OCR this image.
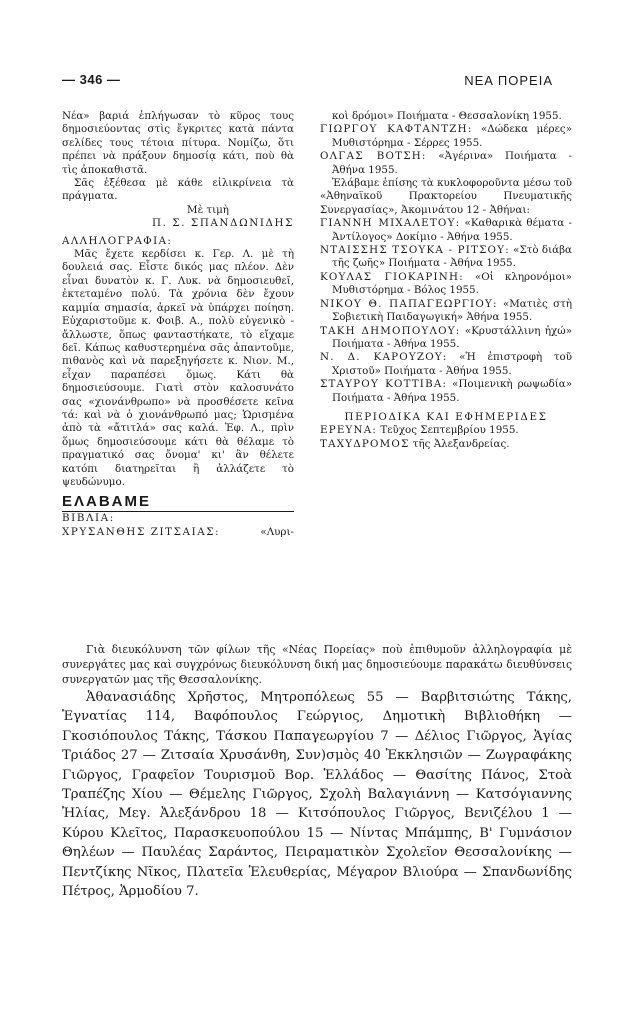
— 346 —	ΝΕΑ ΠΟΡΕΙΑ

Νέα» βαριά ἐπλήγωσαν τὸ κῦρος τους δημοσιεύοντας στὶς ἔγκριτες κατὰ πάντα σελίδες τους τέτοια πίτυρα. Νομίζω, ὅτι πρέπει νὰ πράξουν δημοσίᾳ κάτι, ποὺ θὰ τὶς ἀποκαθιστᾶ.

Σᾶς ἐξέθεσα μὲ κάθε εἰλικρίνεια τὰ πράγματα.

Μὲ τιμὴ

Π. Σ. ΣΠΑΝΔΩΝΙΔΗΣ

ΑΛΛΗΛΟΓΡΑΦΙΑ:

Μᾶς ἔχετε κερδίσει κ. Γερ. Λ. μὲ τὴ δουλειά σας. Εἶστε δικός μας πλέον. Δὲν εἶναι δυνατὸν κ. Γ. Λυκ. νὰ δημοσιευθεῖ, ἐκτεταμένο πολύ. Τὰ χρόνια δὲν ἔχουν καμμία σημασία, ἀρκεῖ νὰ ὑπάρχει ποίηση. Εὐχαριστοῦμε κ. Φοιβ. Α., πολὺ εὐγενικὸ - ἄλλωστε, ὅπως φανταστήκατε, τὸ εἴχαμε δεῖ. Κάπως καθυστερημένα σᾶς ἀπαντοῦμε, πιθανὸς καὶ νὰ παρεξηγήσετε κ. Νιον. Μ., εἶχαν παραπέσει ὅμως. Κάτι θὰ δημοσιεύσουμε. Γιατὶ στὸν καλοσυνάτο σας «χιονάνθρωπο» νὰ προσθέσετε κεῖνα τά: καὶ νὰ ὁ χιονάνθρωπό μας; Ὡρισμένα ἀπὸ τὰ «ἄτιτλά» σας καλά. Ἐφ. Λ., πρὶν ὅμως δημοσιεύσουμε κάτι θὰ θέλαμε τὸ πραγματικό σας ὄνομα' κι' ἂν θέλετε κατόπι διατηρεῖται ἢ ἀλλάζετε τὸ ψευδώνυμο.

ΕΛΑΒΑΜΕ

ΒΙΒΛΙΑ:

ΧΡΥΣΑΝΘΗΣ ΖΙΤΣΑΙΑΣ:	«Λυρι-

κοὶ δρόμοι» Ποιήματα - Θεσσαλονίκη 1955.

ΓΙΩΡΓΟΥ ΚΑΦΤΑΝΤΖΗ: «Δώδεκα μέρες» Μυθιστόρημα - Σέρρες 1955.

ΟΛΓΑΣ ΒΟΤΣΗ: «Ἀγέρινα» Ποιήματα - Ἀθήνα 1955.

Ἐλάβαμε ἐπίσης τὰ κυκλοφοροῦντα μέσω τοῦ «Ἀθηναϊκοῦ Πρακτορείου Πνευματικῆς Συνεργασίας», Ἀκομινάτου 12 - Ἀθήναι:

ΓΙΑΝΝΗ ΜΙΧΑΛΕΤΟΥ: «Καθαρικὰ θέματα - Ἀντίλογος» Δοκίμιο - Ἀθήνα 1955.

ΝΤΑΙΣΣΗΣ ΤΣΟΥΚΑ - ΡΙΤΣΟΥ: «Στὸ διάβα τῆς ζωῆς» Ποιήματα - Ἀθήνα 1955.

ΚΟΥΛΑΣ ΓΙΟΚΑΡΙΝΗ: «Οἱ κληρονόμοι» Μυθιστόρημα - Βόλος 1955.

ΝΙΚΟΥ Θ. ΠΑΠΑΓΕΩΡΓΙΟΥ: «Ματιὲς στὴ Σοβιετικὴ Παιδαγωγική» Ἀθήνα 1955.

ΤΑΚΗ ΔΗΜΟΠΟΥΛΟΥ: «Κρυστάλλινη ἠχώ» Ποιήματα - Ἀθήνα 1955.

Ν. Δ. ΚΑΡΟΥΖΟΥ: «Ἡ ἐπιστροφὴ τοῦ Χριστοῦ» Ποιήματα - Ἀθήνα 1955.

ΣΤΑΥΡΟΥ ΚΟΤΤΙΒΑ: «Ποιμενικὴ ρωψωδία» Ποιήματα - Ἀθήνα 1955.

ΠΕΡΙΟΔΙΚΑ ΚΑΙ ΕΦΗΜΕΡΙΔΕΣ

ΕΡΕΥΝΑ: Τεῦχος Σεπτεμβρίου 1955.

ΤΑΧΥΔΡΟΜΟΣ τῆς Ἀλεξανδρείας.

Γιὰ διευκόλυνση τῶν φίλων τῆς «Νέας Πορείας» ποὺ ἐπιθυμοῦν ἀλληλογραφία μὲ συνεργάτες μας καὶ συγχρόνως διευκόλυνση δική μας δημοσιεύουμε παρακάτω διευθύνσεις συνεργατῶν μας τῆς Θεσσαλονίκης.

Ἀθανασιάδης Χρῆστος, Μητροπόλεως 55 — Βαρβιτσιώτης Τάκης, Ἐγνατίας 114, Βαφόπουλος Γεώργιος, Δημοτικὴ Βιβλιοθήκη — Γκοσιόπουλος Τάκης, Τάσκου Παπαγεωργίου 7 — Δέλιος Γιῶργος, Ἁγίας Τριάδος 27 — Ζιτσαία Χρυσάνθη, Συν)σμὸς 40 Ἐκκλησιῶν — Ζωγραφάκης Γιῶργος, Γραφεῖον Τουρισμοῦ Βορ. Ἑλλάδος — Θασίτης Πάνος, Στοὰ Τραπέζης Χίου — Θέμελης Γιῶργος, Σχολὴ Βαλαγιάννη — Κατσόγιαννης Ἠλίας, Μεγ. Ἀλεξάνδρου 18 — Κιτσόπουλος Γιῶργος, Βενιζέλου 1 — Κύρου Κλεῖτος, Παρασκευοπούλου 15 — Νίντας Μπάμπης, Β' Γυμνάσιον Θηλέων — Παυλέας Σαράντος, Πειραματικὸν Σχολεῖον Θεσσαλονίκης — Πεντζίκης Νῖκος, Πλατεῖα Ἐλευθερίας, Μέγαρον Βλιούρα — Σπανδωνίδης Πέτρος, Ἁρμοδίου 7.
